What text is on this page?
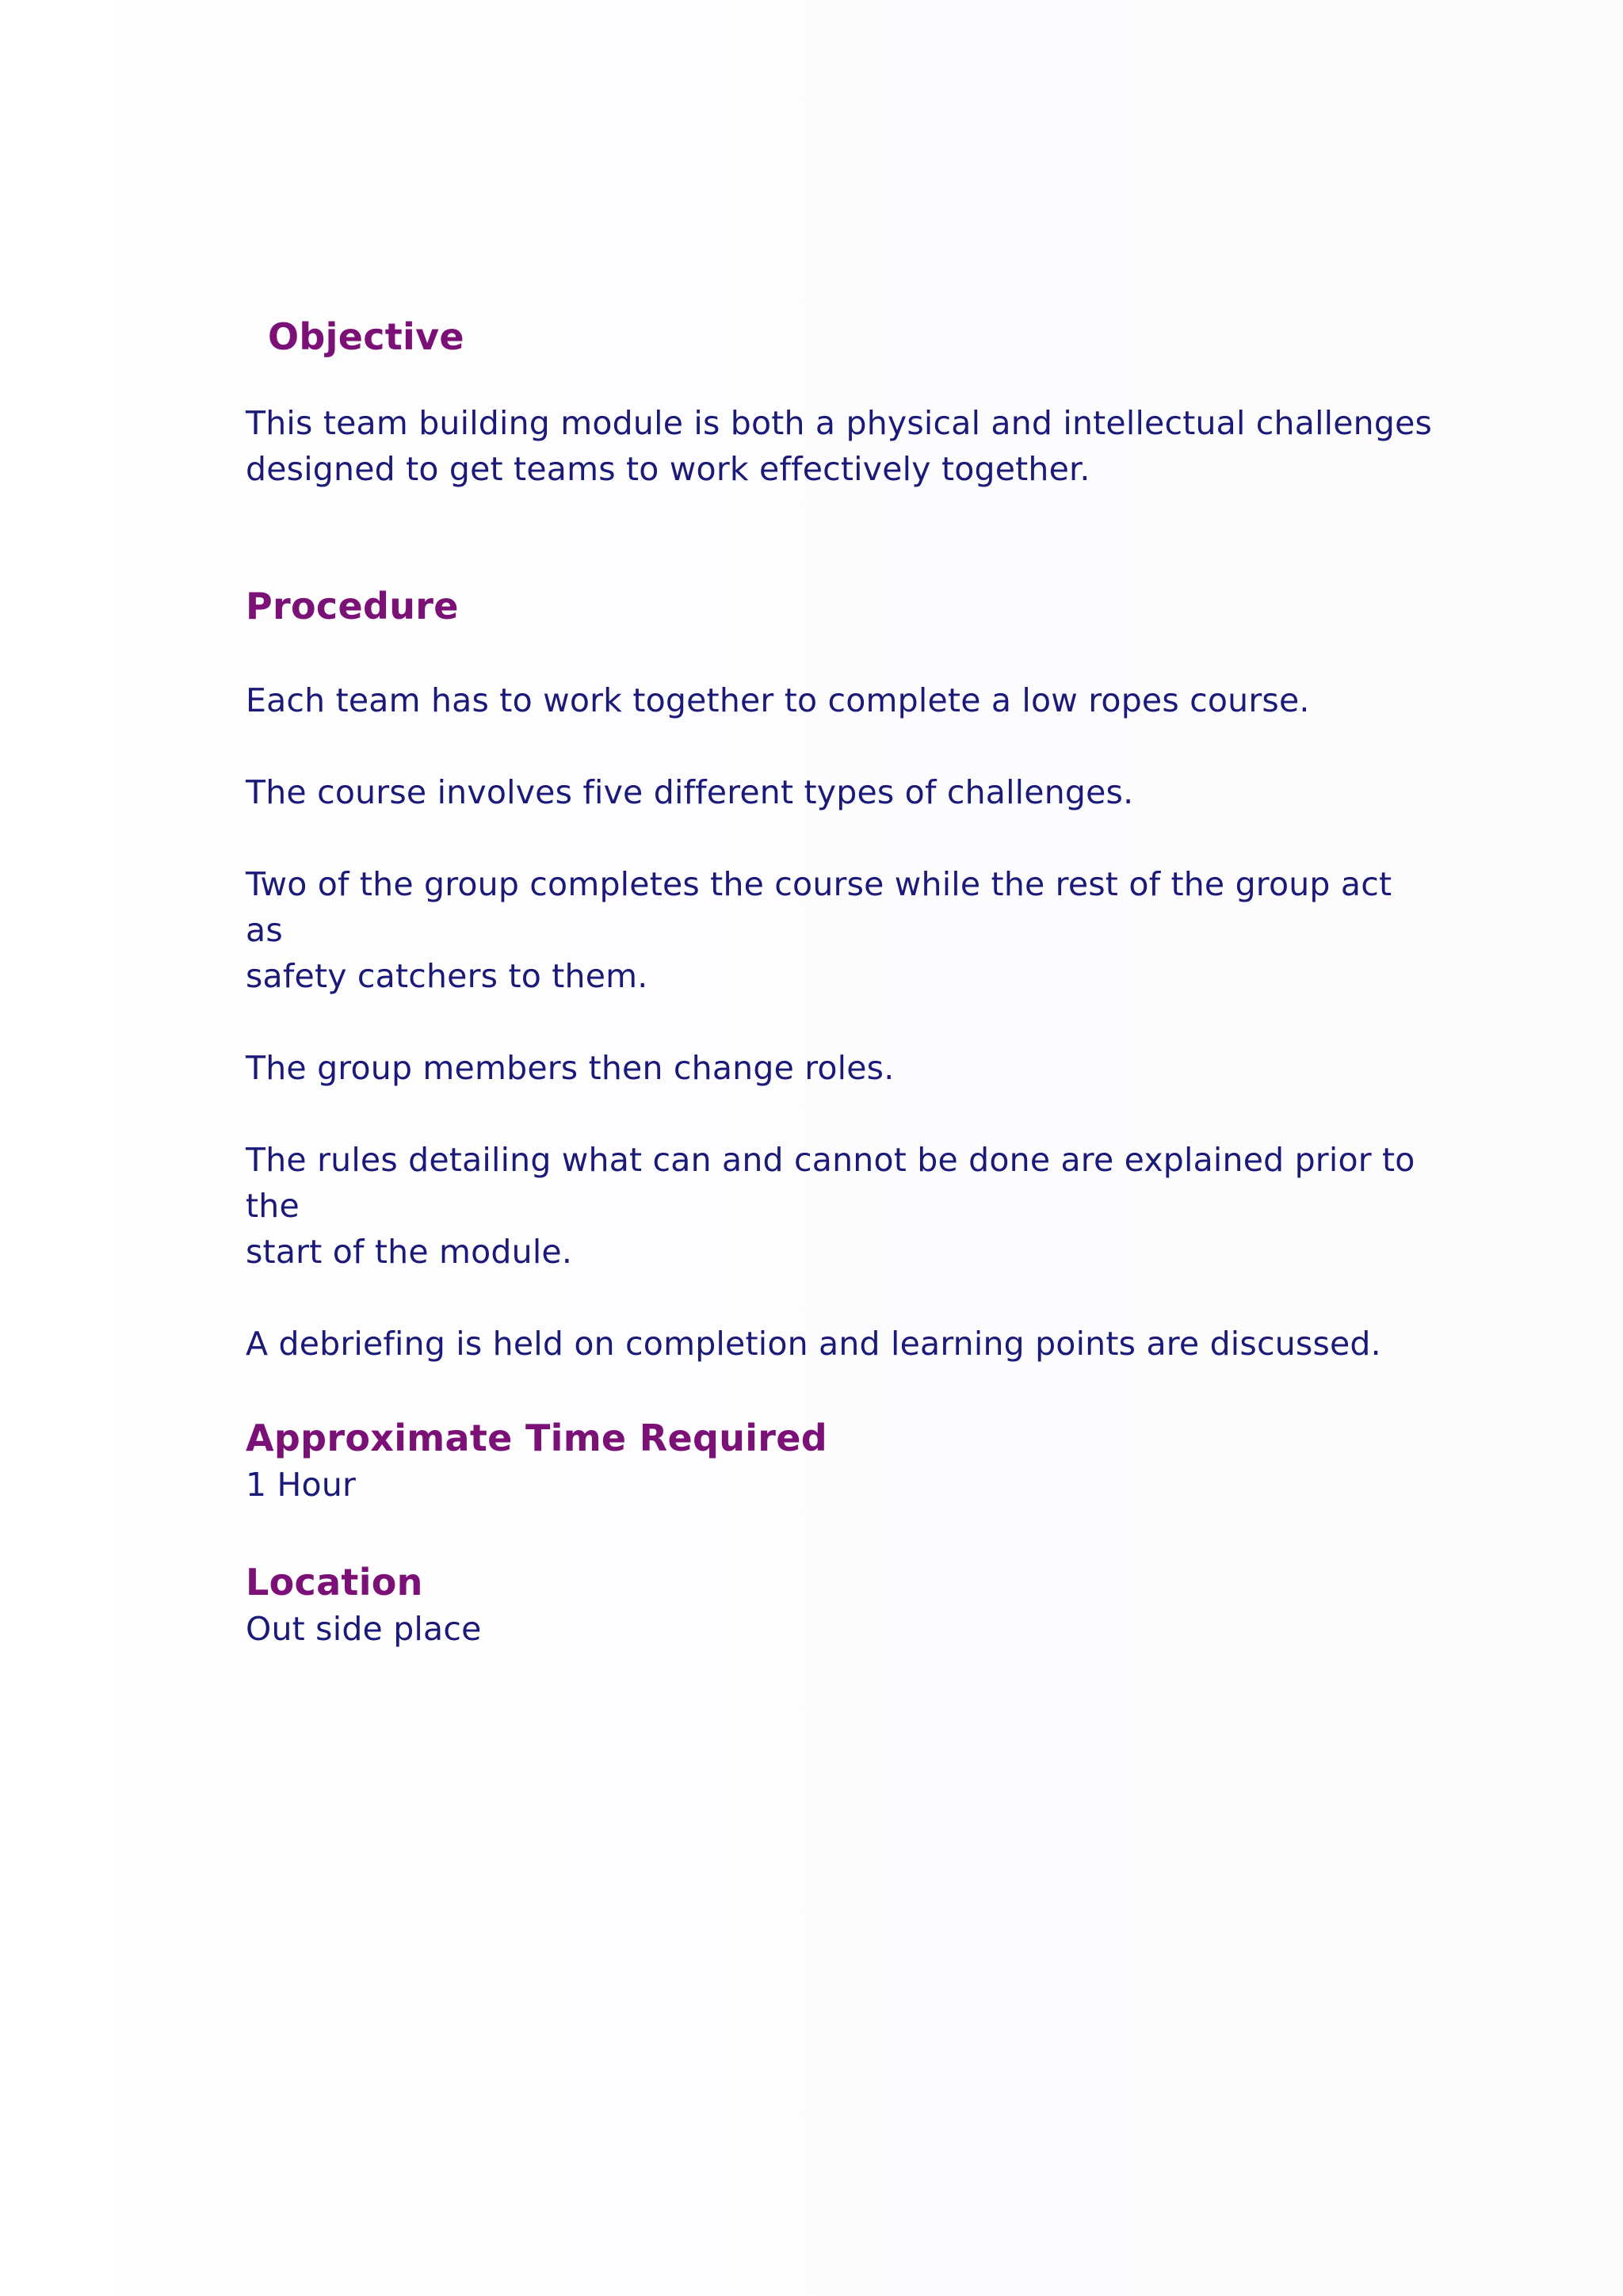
Objective

This team building module is both a physical and intellectual challenges

designed to get teams to work effectively together.

Procedure

Each team has to work together to complete a low ropes course.

The course involves five different types of challenges.

Two of the group completes the course while the rest of the group act as

safety catchers to them.

The group members then change roles.

The rules detailing what can and cannot be done are explained prior to the

start of the module.

A debriefing is held on completion and learning points are discussed.

Approximate Time Required

1 Hour

Location

Out side place
